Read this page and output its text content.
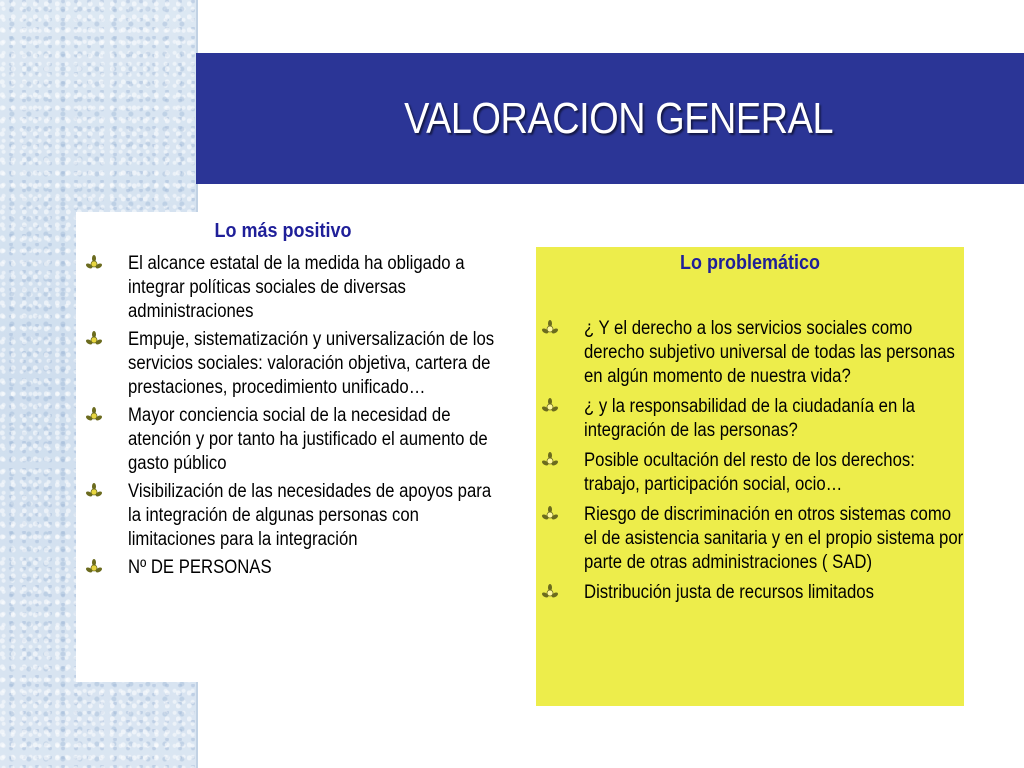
VALORACION GENERAL
Lo más positivo
El alcance estatal de la medida ha obligado a integrar políticas sociales de diversas administraciones
Empuje, sistematización y universalización de los servicios sociales: valoración objetiva, cartera de prestaciones, procedimiento unificado…
Mayor conciencia social de la necesidad de atención y por tanto ha justificado el aumento de gasto público
Visibilización de las necesidades de apoyos para la integración de algunas personas con limitaciones para la integración
Nº DE PERSONAS
Lo problemático
¿ Y el derecho a los servicios sociales como derecho subjetivo universal de todas las personas en algún momento de nuestra vida?
¿ y la responsabilidad de la ciudadanía en la integración de las personas?
Posible ocultación del resto de los derechos: trabajo, participación social, ocio…
Riesgo de discriminación en otros sistemas como el de asistencia sanitaria y en el propio sistema por parte de otras administraciones ( SAD)
Distribución justa de recursos limitados
